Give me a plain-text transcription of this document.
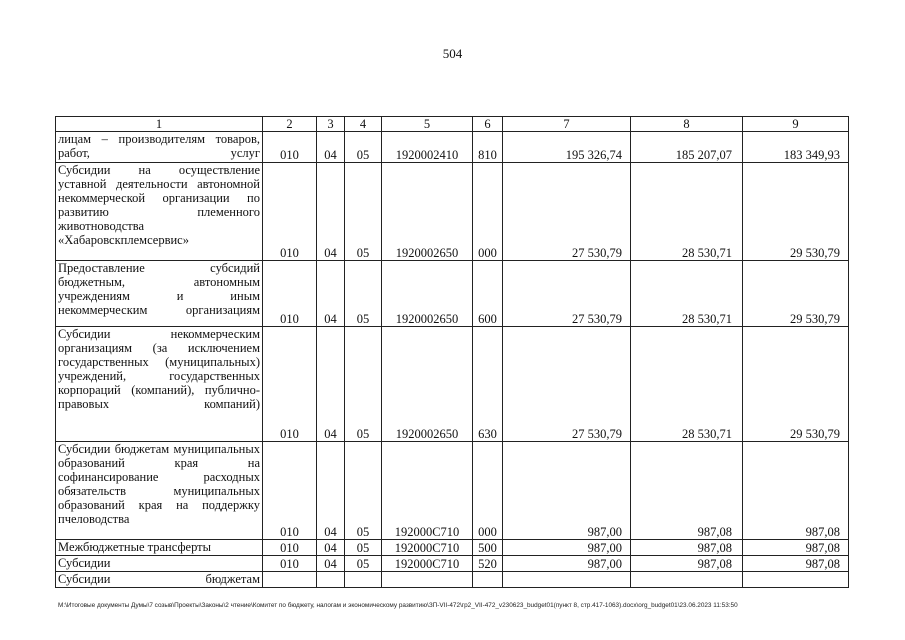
504
1	2	3	4	5	6	7	8	9
лицам – производителям товаров, работ, услуг	010	04	05	1920002410	810	195 326,74	185 207,07	183 349,93
Субсидии на осуществление уставной деятельности автономной некоммерческой организации по развитию племенного животноводства «Хабаровскплемсервис»	010	04	05	1920002650	000	27 530,79	28 530,71	29 530,79
Предоставление субсидий бюджетным, автономным учреждениям и иным некоммерческим организациям	010	04	05	1920002650	600	27 530,79	28 530,71	29 530,79
Субсидии некоммерческим организациям (за исключением государственных (муниципальных) учреждений, государственных корпораций (компаний), публично-правовых компаний)	010	04	05	1920002650	630	27 530,79	28 530,71	29 530,79
Субсидии бюджетам муниципальных образований края на софинансирование расходных обязательств муниципальных образований края на поддержку пчеловодства	010	04	05	192000С710	000	987,00	987,08	987,08
Межбюджетные трансферты	010	04	05	192000С710	500	987,00	987,08	987,08
Субсидии	010	04	05	192000С710	520	987,00	987,08	987,08
Субсидии бюджетам								
М:\Итоговые документы Думы\7 созыв\Проекты\Законы\2 чтение\Комитет по бюджету, налогам и экономическому развитию\ЗП-VII-472\гр2_VII-472_v230623_budget01(пункт 8, стр.417-1063).docx\org_budget01\23.06.2023 11:53:50
